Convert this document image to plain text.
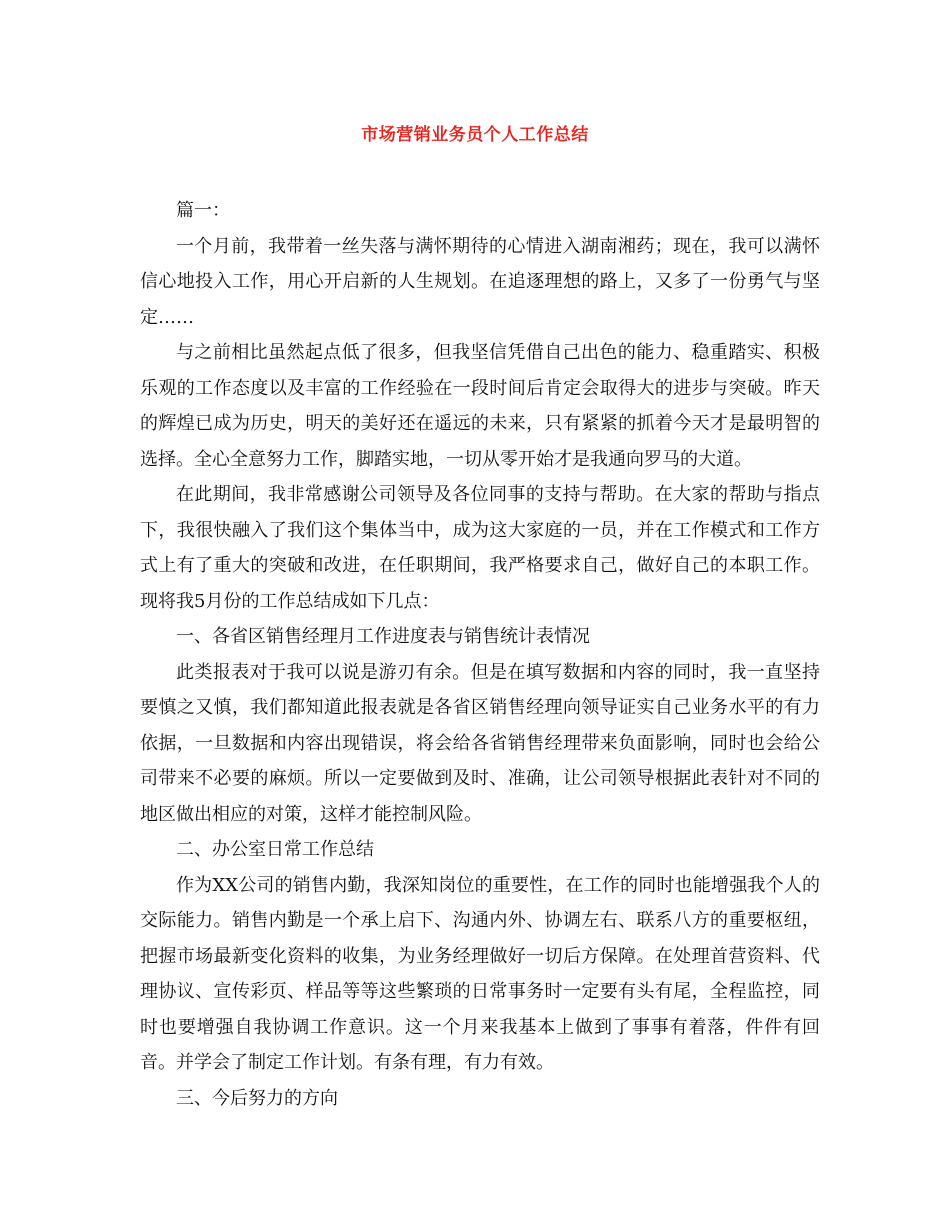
市场营销业务员个人工作总结

篇一：

一个月前，我带着一丝失落与满怀期待的心情进入湖南湘药；现在，我可以满怀信心地投入工作，用心开启新的人生规划。在追逐理想的路上，又多了一份勇气与坚定……

与之前相比虽然起点低了很多，但我坚信凭借自己出色的能力、稳重踏实、积极乐观的工作态度以及丰富的工作经验在一段时间后肯定会取得大的进步与突破。昨天的辉煌已成为历史，明天的美好还在遥远的未来，只有紧紧的抓着今天才是最明智的选择。全心全意努力工作，脚踏实地，一切从零开始才是我通向罗马的大道。

在此期间，我非常感谢公司领导及各位同事的支持与帮助。在大家的帮助与指点下，我很快融入了我们这个集体当中，成为这大家庭的一员，并在工作模式和工作方式上有了重大的突破和改进，在任职期间，我严格要求自己，做好自己的本职工作。现将我5月份的工作总结成如下几点：

一、各省区销售经理月工作进度表与销售统计表情况

此类报表对于我可以说是游刃有余。但是在填写数据和内容的同时，我一直坚持要慎之又慎，我们都知道此报表就是各省区销售经理向领导证实自己业务水平的有力依据，一旦数据和内容出现错误，将会给各省销售经理带来负面影响，同时也会给公司带来不必要的麻烦。所以一定要做到及时、准确，让公司领导根据此表针对不同的地区做出相应的对策，这样才能控制风险。

二、办公室日常工作总结

作为XX公司的销售内勤，我深知岗位的重要性，在工作的同时也能增强我个人的交际能力。销售内勤是一个承上启下、沟通内外、协调左右、联系八方的重要枢纽，把握市场最新变化资料的收集，为业务经理做好一切后方保障。在处理首营资料、代理协议、宣传彩页、样品等等这些繁琐的日常事务时一定要有头有尾，全程监控，同时也要增强自我协调工作意识。这一个月来我基本上做到了事事有着落，件件有回音。并学会了制定工作计划。有条有理，有力有效。

三、今后努力的方向
